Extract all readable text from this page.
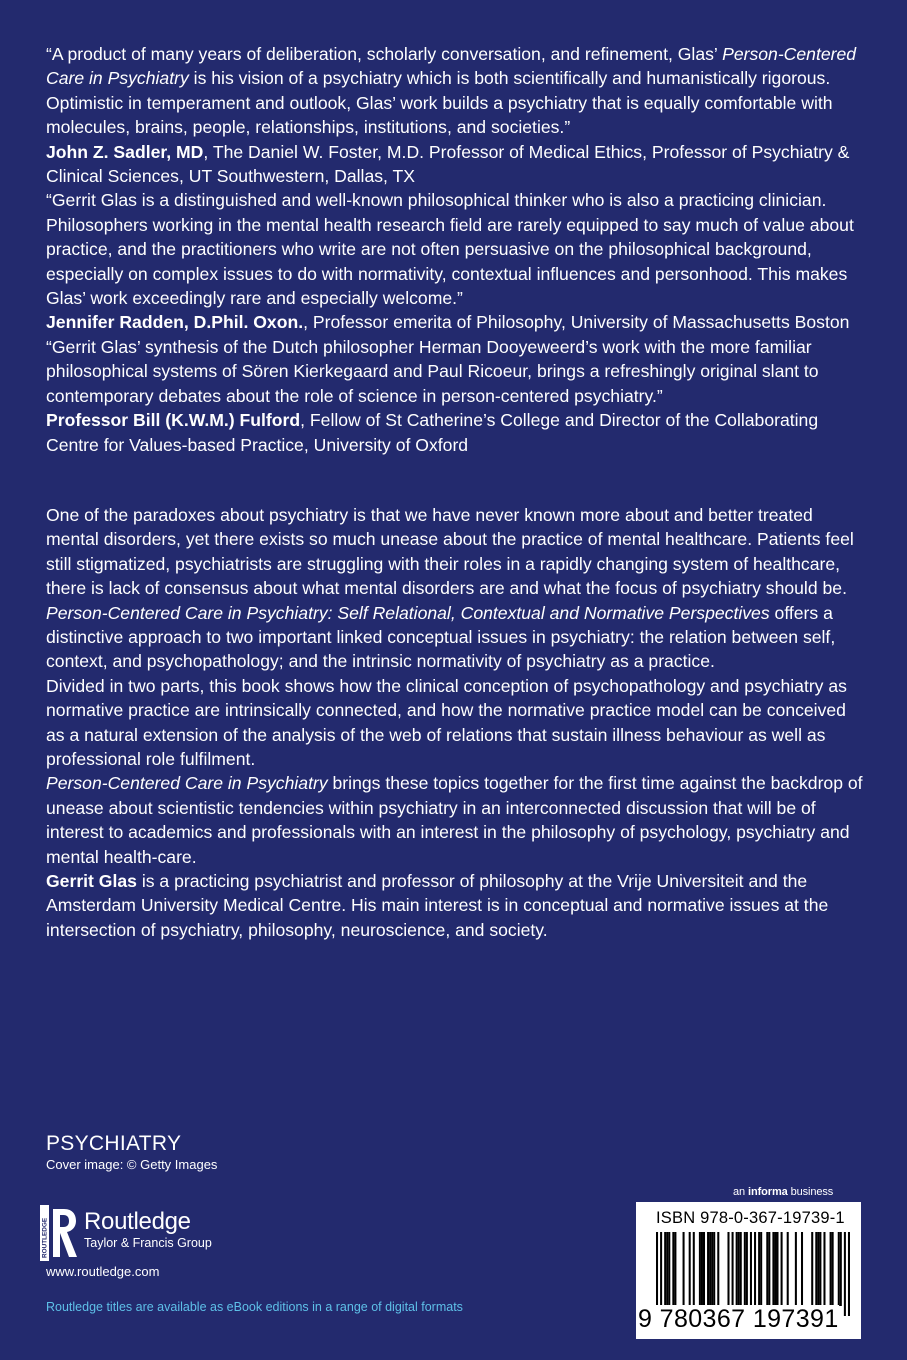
“A product of many years of deliberation, scholarly conversation, and refinement, Glas’ Person-Centered Care in Psychiatry is his vision of a psychiatry which is both scientifically and humanistically rigorous. Optimistic in temperament and outlook, Glas’ work builds a psychiatry that is equally comfortable with molecules, brains, people, relationships, institutions, and societies.”
John Z. Sadler, MD, The Daniel W. Foster, M.D. Professor of Medical Ethics, Professor of Psychiatry & Clinical Sciences, UT Southwestern, Dallas, TX

“Gerrit Glas is a distinguished and well-known philosophical thinker who is also a practicing clinician. Philosophers working in the mental health research field are rarely equipped to say much of value about practice, and the practitioners who write are not often persuasive on the philosophical background, especially on complex issues to do with normativity, contextual influences and personhood. This makes Glas’ work exceedingly rare and especially welcome.”
Jennifer Radden, D.Phil. Oxon., Professor emerita of Philosophy, University of Massachusetts Boston

“Gerrit Glas’ synthesis of the Dutch philosopher Herman Dooyeweerd’s work with the more familiar philosophical systems of Sören Kierkegaard and Paul Ricoeur, brings a refreshingly original slant to contemporary debates about the role of science in person-centered psychiatry.”
Professor Bill (K.W.M.) Fulford, Fellow of St Catherine’s College and Director of the Collaborating Centre for Values-based Practice, University of Oxford

One of the paradoxes about psychiatry is that we have never known more about and better treated mental disorders, yet there exists so much unease about the practice of mental healthcare. Patients feel still stigmatized, psychiatrists are struggling with their roles in a rapidly changing system of healthcare, there is lack of consensus about what mental disorders are and what the focus of psychiatry should be. Person-Centered Care in Psychiatry: Self Relational, Contextual and Normative Perspectives offers a distinctive approach to two important linked conceptual issues in psychiatry: the relation between self, context, and psychopathology; and the intrinsic normativity of psychiatry as a practice.

Divided in two parts, this book shows how the clinical conception of psychopathology and psychiatry as normative practice are intrinsically connected, and how the normative practice model can be conceived as a natural extension of the analysis of the web of relations that sustain illness behaviour as well as professional role fulfilment.

Person-Centered Care in Psychiatry brings these topics together for the first time against the backdrop of unease about scientistic tendencies within psychiatry in an interconnected discussion that will be of interest to academics and professionals with an interest in the philosophy of psychology, psychiatry and mental health-care.

Gerrit Glas is a practicing psychiatrist and professor of philosophy at the Vrije Universiteit and the Amsterdam University Medical Centre. His main interest is in conceptual and normative issues at the intersection of psychiatry, philosophy, neuroscience, and society.

PSYCHIATRY
Cover image: © Getty Images
ROUTLEDGE Routledge
Taylor & Francis Group
www.routledge.com
Routledge titles are available as eBook editions in a range of digital formats
an informa business
ISBN 978-0-367-19739-1
9 780367 197391
